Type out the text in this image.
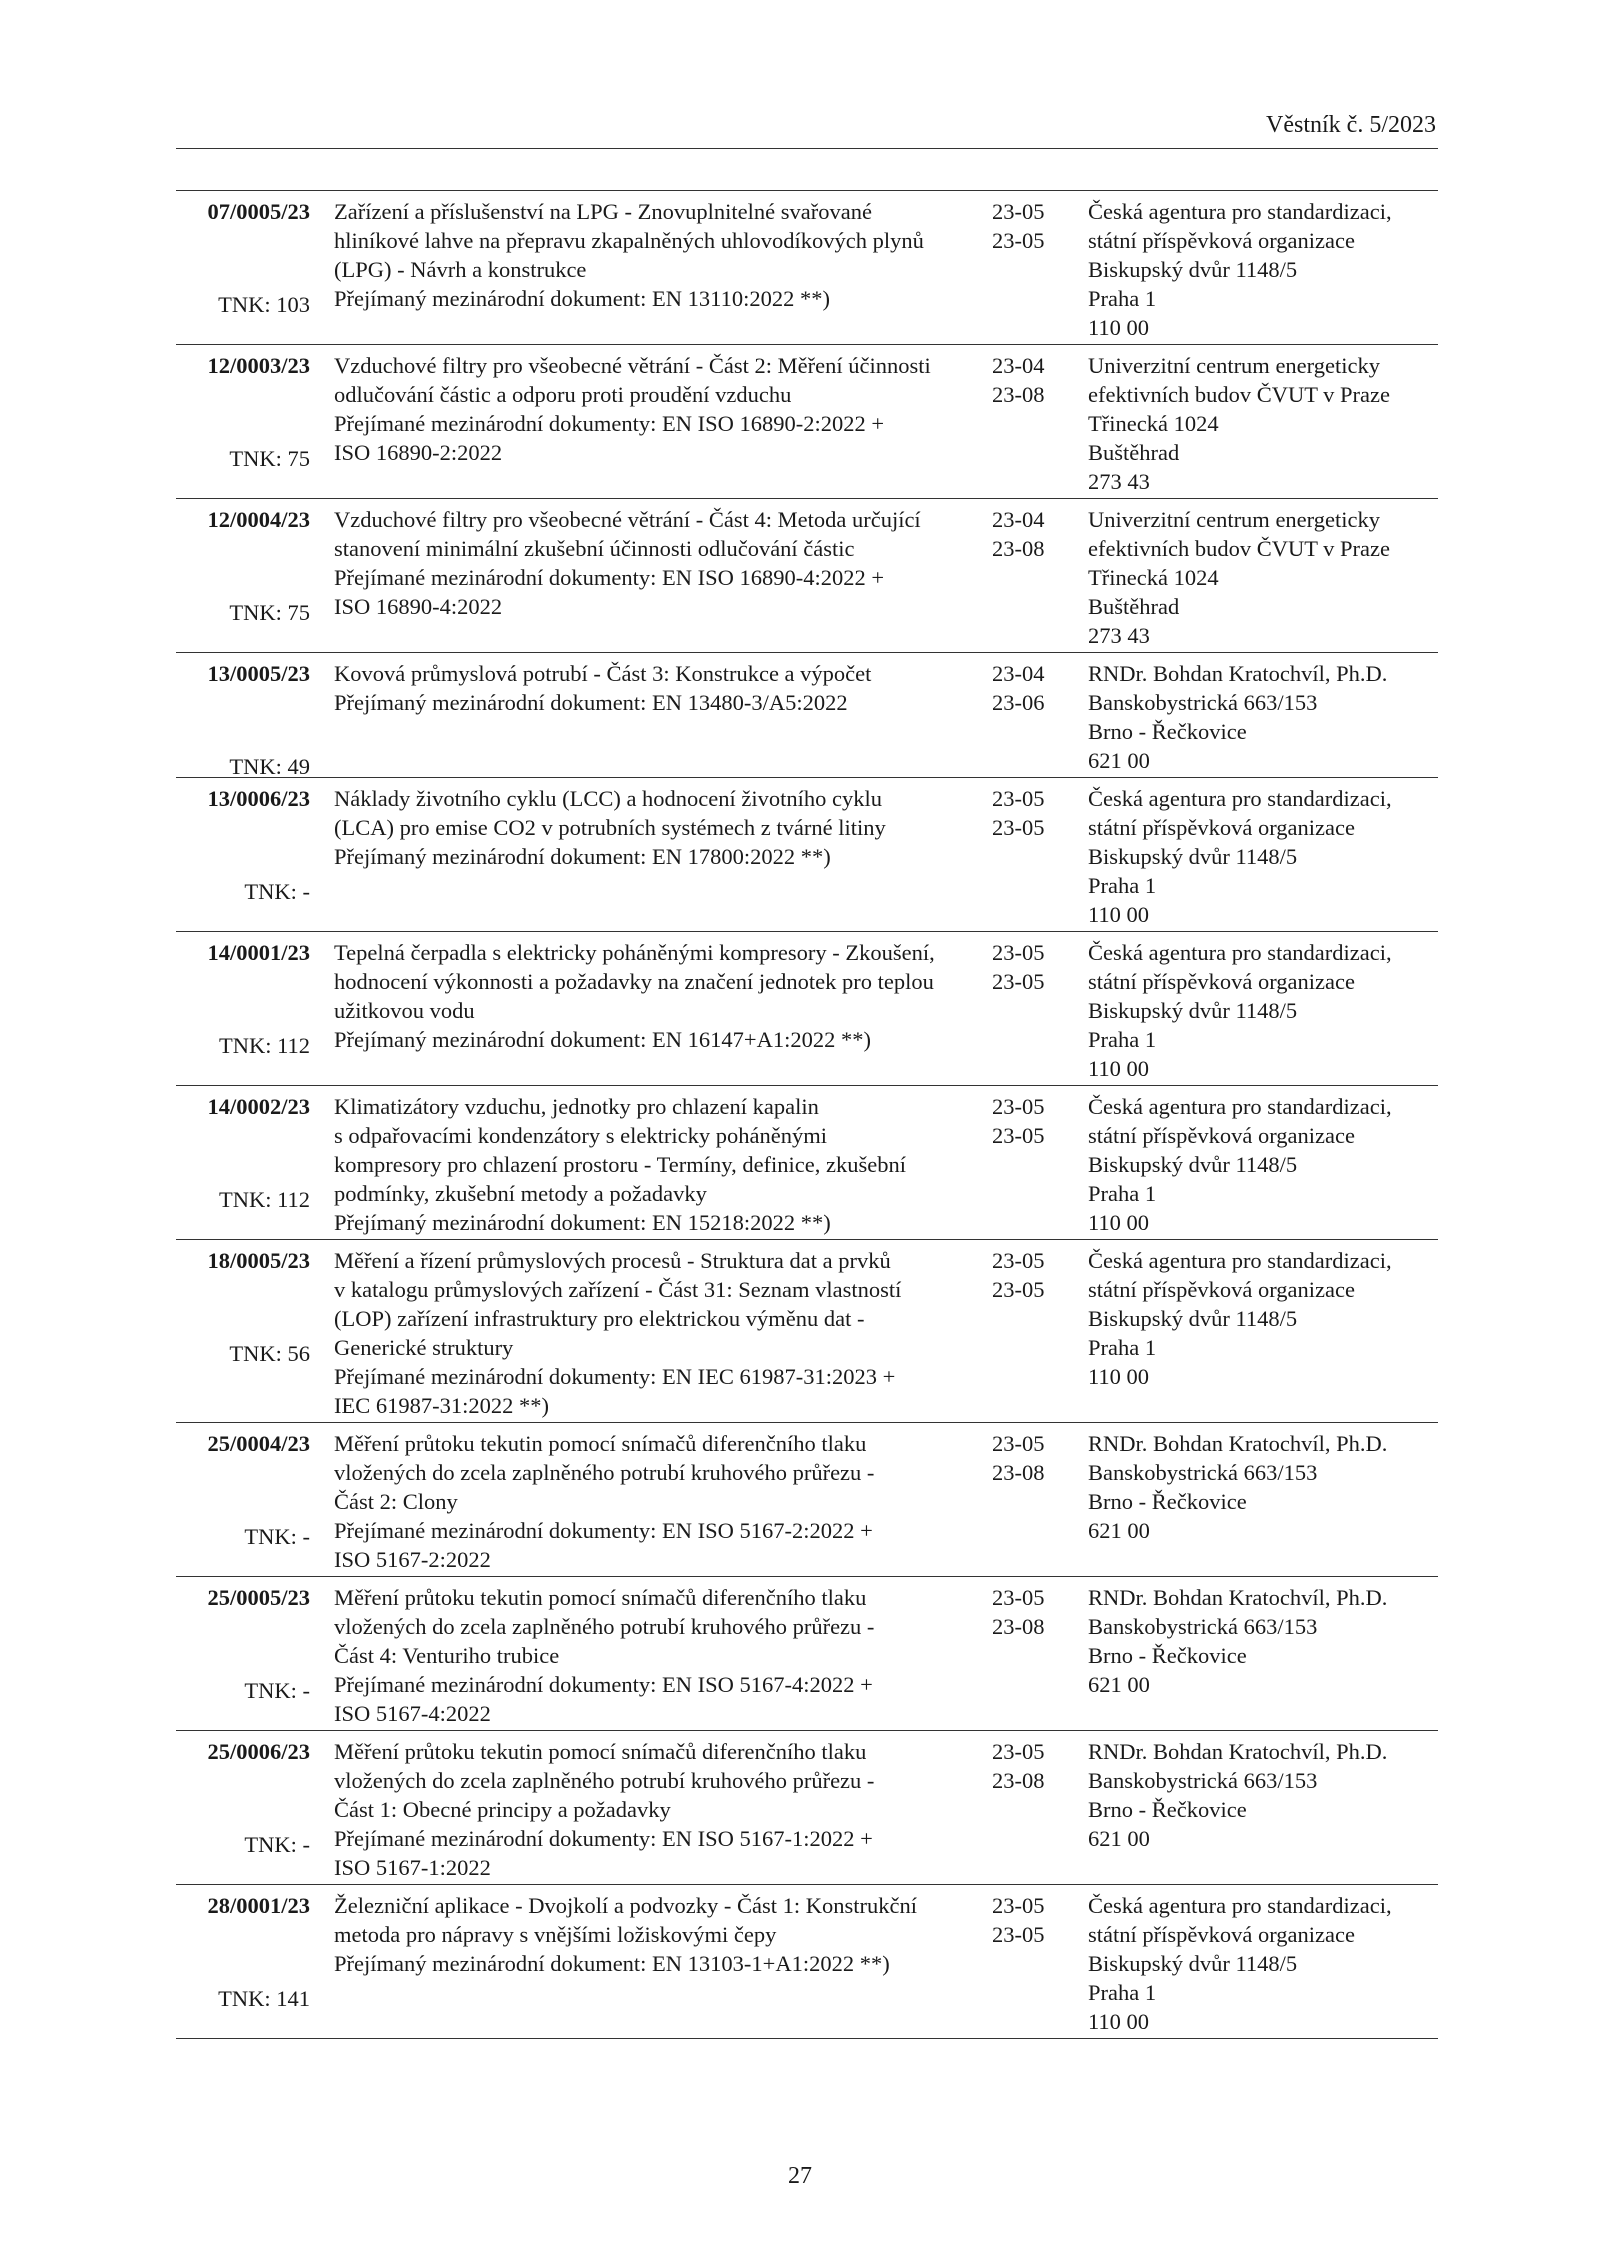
Věstník č. 5/2023
07/0005/23
TNK: 103
Zařízení a příslušenství na LPG - Znovuplnitelné svařované
hliníkové lahve na přepravu zkapalněných uhlovodíkových plynů
(LPG) - Návrh a konstrukce
Přejímaný mezinárodní dokument: EN 13110:2022 **)
23-05
23-05
Česká agentura pro standardizaci,
státní příspěvková organizace
Biskupský dvůr 1148/5
Praha 1
110 00
12/0003/23
TNK: 75
Vzduchové filtry pro všeobecné větrání - Část 2: Měření účinnosti
odlučování částic a odporu proti proudění vzduchu
Přejímané mezinárodní dokumenty: EN ISO 16890-2:2022 +
ISO 16890-2:2022
23-04
23-08
Univerzitní centrum energeticky
efektivních budov ČVUT v Praze
Třinecká 1024
Buštěhrad
273 43
12/0004/23
TNK: 75
Vzduchové filtry pro všeobecné větrání - Část 4: Metoda určující
stanovení minimální zkušební účinnosti odlučování částic
Přejímané mezinárodní dokumenty: EN ISO 16890-4:2022 +
ISO 16890-4:2022
23-04
23-08
Univerzitní centrum energeticky
efektivních budov ČVUT v Praze
Třinecká 1024
Buštěhrad
273 43
13/0005/23
TNK: 49
Kovová průmyslová potrubí - Část 3: Konstrukce a výpočet
Přejímaný mezinárodní dokument: EN 13480-3/A5:2022
23-04
23-06
RNDr. Bohdan Kratochvíl, Ph.D.
Banskobystrická 663/153
Brno - Řečkovice
621 00
13/0006/23
TNK: -
Náklady životního cyklu (LCC) a hodnocení životního cyklu
(LCA) pro emise CO2 v potrubních systémech z tvárné litiny
Přejímaný mezinárodní dokument: EN 17800:2022 **)
23-05
23-05
Česká agentura pro standardizaci,
státní příspěvková organizace
Biskupský dvůr 1148/5
Praha 1
110 00
14/0001/23
TNK: 112
Tepelná čerpadla s elektricky poháněnými kompresory - Zkoušení,
hodnocení výkonnosti a požadavky na značení jednotek pro teplou
užitkovou vodu
Přejímaný mezinárodní dokument: EN 16147+A1:2022 **)
23-05
23-05
Česká agentura pro standardizaci,
státní příspěvková organizace
Biskupský dvůr 1148/5
Praha 1
110 00
14/0002/23
TNK: 112
Klimatizátory vzduchu, jednotky pro chlazení kapalin
s odpařovacími kondenzátory s elektricky poháněnými
kompresory pro chlazení prostoru - Termíny, definice, zkušební
podmínky, zkušební metody a požadavky
Přejímaný mezinárodní dokument: EN 15218:2022 **)
23-05
23-05
Česká agentura pro standardizaci,
státní příspěvková organizace
Biskupský dvůr 1148/5
Praha 1
110 00
18/0005/23
TNK: 56
Měření a řízení průmyslových procesů - Struktura dat a prvků
v katalogu průmyslových zařízení - Část 31: Seznam vlastností
(LOP) zařízení infrastruktury pro elektrickou výměnu dat -
Generické struktury
Přejímané mezinárodní dokumenty: EN IEC 61987-31:2023 +
IEC 61987-31:2022 **)
23-05
23-05
Česká agentura pro standardizaci,
státní příspěvková organizace
Biskupský dvůr 1148/5
Praha 1
110 00
25/0004/23
TNK: -
Měření průtoku tekutin pomocí snímačů diferenčního tlaku
vložených do zcela zaplněného potrubí kruhového průřezu -
Část 2: Clony
Přejímané mezinárodní dokumenty: EN ISO 5167-2:2022 +
ISO 5167-2:2022
23-05
23-08
RNDr. Bohdan Kratochvíl, Ph.D.
Banskobystrická 663/153
Brno - Řečkovice
621 00
25/0005/23
TNK: -
Měření průtoku tekutin pomocí snímačů diferenčního tlaku
vložených do zcela zaplněného potrubí kruhového průřezu -
Část 4: Venturiho trubice
Přejímané mezinárodní dokumenty: EN ISO 5167-4:2022 +
ISO 5167-4:2022
23-05
23-08
RNDr. Bohdan Kratochvíl, Ph.D.
Banskobystrická 663/153
Brno - Řečkovice
621 00
25/0006/23
TNK: -
Měření průtoku tekutin pomocí snímačů diferenčního tlaku
vložených do zcela zaplněného potrubí kruhového průřezu -
Část 1: Obecné principy a požadavky
Přejímané mezinárodní dokumenty: EN ISO 5167-1:2022 +
ISO 5167-1:2022
23-05
23-08
RNDr. Bohdan Kratochvíl, Ph.D.
Banskobystrická 663/153
Brno - Řečkovice
621 00
28/0001/23
TNK: 141
Železniční aplikace - Dvojkolí a podvozky - Část 1: Konstrukční
metoda pro nápravy s vnějšími ložiskovými čepy
Přejímaný mezinárodní dokument: EN 13103-1+A1:2022 **)
23-05
23-05
Česká agentura pro standardizaci,
státní příspěvková organizace
Biskupský dvůr 1148/5
Praha 1
110 00
27
